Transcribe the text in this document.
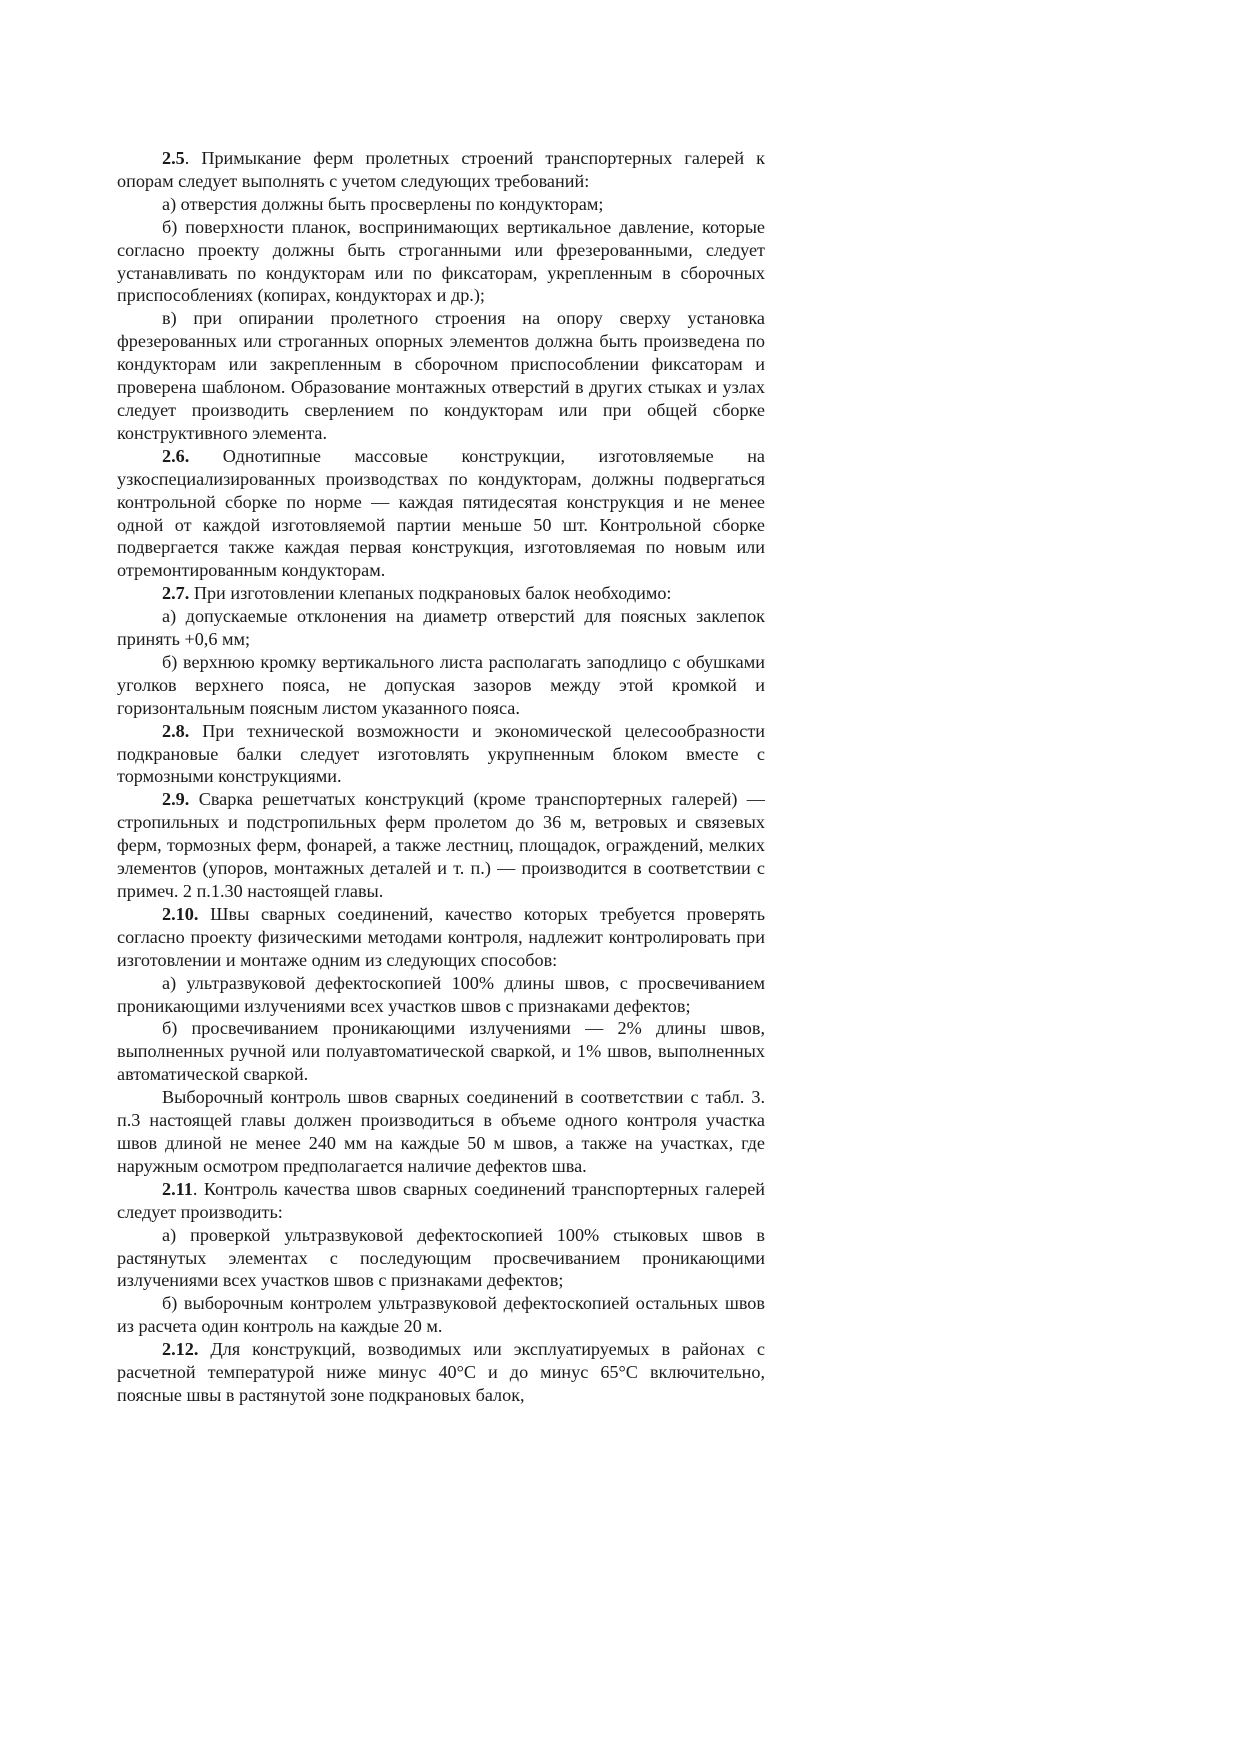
2.5. Примыкание ферм пролетных строений транспортерных галерей к опорам следует выполнять с учетом следующих требований:

а) отверстия должны быть просверлены по кондукторам;

б) поверхности планок, воспринимающих вертикальное давление, которые согласно проекту должны быть строганными или фрезерованными, следует устанавливать по кондукторам или по фиксаторам, укрепленным в сборочных приспособлениях (копирах, кондукторах и др.);

в) при опирании пролетного строения на опору сверху установка фрезерованных или строганных опорных элементов должна быть произведена по кондукторам или закрепленным в сборочном приспособлении фиксаторам и проверена шаблоном. Образование монтажных отверстий в других стыках и узлах следует производить сверлением по кондукторам или при общей сборке конструктивного элемента.

2.6. Однотипные массовые конструкции, изготовляемые на узкоспециализированных производствах по кондукторам, должны подвергаться контрольной сборке по норме — каждая пятидесятая конструкция и не менее одной от каждой изготовляемой партии меньше 50 шт. Контрольной сборке подвергается также каждая первая конструкция, изготовляемая по новым или отремонтированным кондукторам.

2.7. При изготовлении клепаных подкрановых балок необходимо:

а) допускаемые отклонения на диаметр отверстий для поясных заклепок принять +0,6 мм;

б) верхнюю кромку вертикального листа располагать заподлицо с обушками уголков верхнего пояса, не допуская зазоров между этой кромкой и горизонтальным поясным листом указанного пояса.

2.8. При технической возможности и экономической целесообразности подкрановые балки следует изготовлять укрупненным блоком вместе с тормозными конструкциями.

2.9. Сварка решетчатых конструкций (кроме транспортерных галерей) — стропильных и подстропильных ферм пролетом до 36 м, ветровых и связевых ферм, тормозных ферм, фонарей, а также лестниц, площадок, ограждений, мелких элементов (упоров, монтажных деталей и т. п.) — производится в соответствии с примеч. 2 п.1.30 настоящей главы.

2.10. Швы сварных соединений, качество которых требуется проверять согласно проекту физическими методами контроля, надлежит контролировать при изготовлении и монтаже одним из следующих способов:

а) ультразвуковой дефектоскопией 100% длины швов, с просвечиванием проникающими излучениями всех участков швов с признаками дефектов;

б) просвечиванием проникающими излучениями — 2% длины швов, выполненных ручной или полуавтоматической сваркой, и 1% швов, выполненных автоматической сваркой.

Выборочный контроль швов сварных соединений в соответствии с табл. 3. п.3 настоящей главы должен производиться в объеме одного контроля участка швов длиной не менее 240 мм на каждые 50 м швов, а также на участках, где наружным осмотром предполагается наличие дефектов шва.

2.11. Контроль качества швов сварных соединений транспортерных галерей следует производить:

а) проверкой ультразвуковой дефектоскопией 100% стыковых швов в растянутых элементах с последующим просвечиванием проникающими излучениями всех участков швов с признаками дефектов;

б) выборочным контролем ультразвуковой дефектоскопией остальных швов из расчета один контроль на каждые 20 м.

2.12. Для конструкций, возводимых или эксплуатируемых в районах с расчетной температурой ниже минус 40°С и до минус 65°С включительно, поясные швы в растянутой зоне подкрановых балок,
